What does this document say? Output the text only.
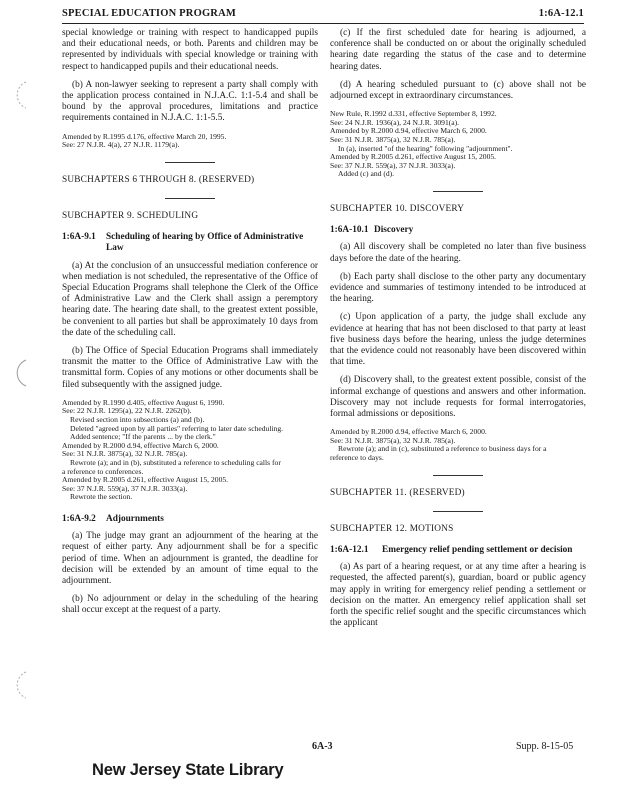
SPECIAL EDUCATION PROGRAM	1:6A-12.1

special knowledge or training with respect to handicapped pupils and their educational needs, or both. Parents and children may be represented by individuals with special knowledge or training with respect to handicapped pupils and their educational needs.

(b) A non-lawyer seeking to represent a party shall comply with the application process contained in N.J.A.C. 1:1-5.4 and shall be bound by the approval procedures, limitations and practice requirements contained in N.J.A.C. 1:1-5.5.

Amended by R.1995 d.176, effective March 20, 1995.
See: 27 N.J.R. 4(a), 27 N.J.R. 1179(a).
SUBCHAPTERS 6 THROUGH 8. (RESERVED)
SUBCHAPTER 9. SCHEDULING
1:6A-9.1	Scheduling of hearing by Office of Administrative Law

(a) At the conclusion of an unsuccessful mediation conference or when mediation is not scheduled, the representative of the Office of Special Education Programs shall telephone the Clerk of the Office of Administrative Law and the Clerk shall assign a peremptory hearing date. The hearing date shall, to the greatest extent possible, be convenient to all parties but shall be approximately 10 days from the date of the scheduling call.

(b) The Office of Special Education Programs shall immediately transmit the matter to the Office of Administrative Law with the transmittal form. Copies of any motions or other documents shall be filed subsequently with the assigned judge.

Amended by R.1990 d.405, effective August 6, 1990.
See: 22 N.J.R. 1295(a), 22 N.J.R. 2262(b).
Revised section into subsections (a) and (b).
Deleted "agreed upon by all parties" referring to later date scheduling.
Added sentence; "If the parents ... by the clerk."
Amended by R.2000 d.94, effective March 6, 2000.
See: 31 N.J.R. 3875(a), 32 N.J.R. 785(a).
Rewrote (a); and in (b), substituted a reference to scheduling calls for
a reference to conferences.
Amended by R.2005 d.261, effective August 15, 2005.
See: 37 N.J.R. 559(a), 37 N.J.R. 3033(a).
Rewrote the section.
1:6A-9.2	Adjournments

(a) The judge may grant an adjournment of the hearing at the request of either party. Any adjournment shall be for a specific period of time. When an adjournment is granted, the deadline for decision will be extended by an amount of time equal to the adjournment.

(b) No adjournment or delay in the scheduling of the hearing shall occur except at the request of a party.

(c) If the first scheduled date for hearing is adjourned, a conference shall be conducted on or about the originally scheduled hearing date regarding the status of the case and to determine hearing dates.

(d) A hearing scheduled pursuant to (c) above shall not be adjourned except in extraordinary circumstances.

New Rule, R.1992 d.331, effective September 8, 1992.
See: 24 N.J.R. 1936(a), 24 N.J.R. 3091(a).
Amended by R.2000 d.94, effective March 6, 2000.
See: 31 N.J.R. 3875(a), 32 N.J.R. 785(a).
In (a), inserted "of the hearing" following "adjournment".
Amended by R.2005 d.261, effective August 15, 2005.
See: 37 N.J.R. 559(a), 37 N.J.R. 3033(a).
Added (c) and (d).
SUBCHAPTER 10. DISCOVERY
1:6A-10.1 Discovery

(a) All discovery shall be completed no later than five business days before the date of the hearing.

(b) Each party shall disclose to the other party any documentary evidence and summaries of testimony intended to be introduced at the hearing.

(c) Upon application of a party, the judge shall exclude any evidence at hearing that has not been disclosed to that party at least five business days before the hearing, unless the judge determines that the evidence could not reasonably have been discovered within that time.

(d) Discovery shall, to the greatest extent possible, consist of the informal exchange of questions and answers and other information. Discovery may not include requests for formal interrogatories, formal admissions or depositions.

Amended by R.2000 d.94, effective March 6, 2000.
See: 31 N.J.R. 3875(a), 32 N.J.R. 785(a).
Rewrote (a); and in (c), substituted a reference to business days for a
reference to days.
SUBCHAPTER 11. (RESERVED)
SUBCHAPTER 12. MOTIONS
1:6A-12.1	Emergency relief pending settlement or decision

(a) As part of a hearing request, or at any time after a hearing is requested, the affected parent(s), guardian, board or public agency may apply in writing for emergency relief pending a settlement or decision on the matter. An emergency relief application shall set forth the specific relief sought and the specific circumstances which the applicant

6A-3	Supp. 8-15-05
New Jersey State Library
